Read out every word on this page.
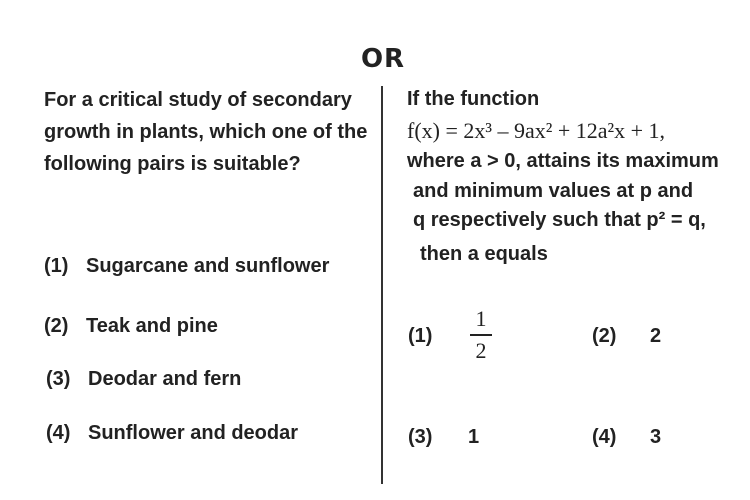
OR
For a critical study of secondary growth in plants, which one of the following pairs is suitable?
(1) Sugarcane and sunflower
(2) Teak and pine
(3) Deodar and fern
(4) Sunflower and deodar
If the function
f(x) = 2x³ – 9ax² + 12a²x + 1,
where a > 0, attains its maximum
and minimum values at p and
q respectively such that p² = q,
then a equals
(1)
1
2
(2) 2
(3) 1	(4) 3
